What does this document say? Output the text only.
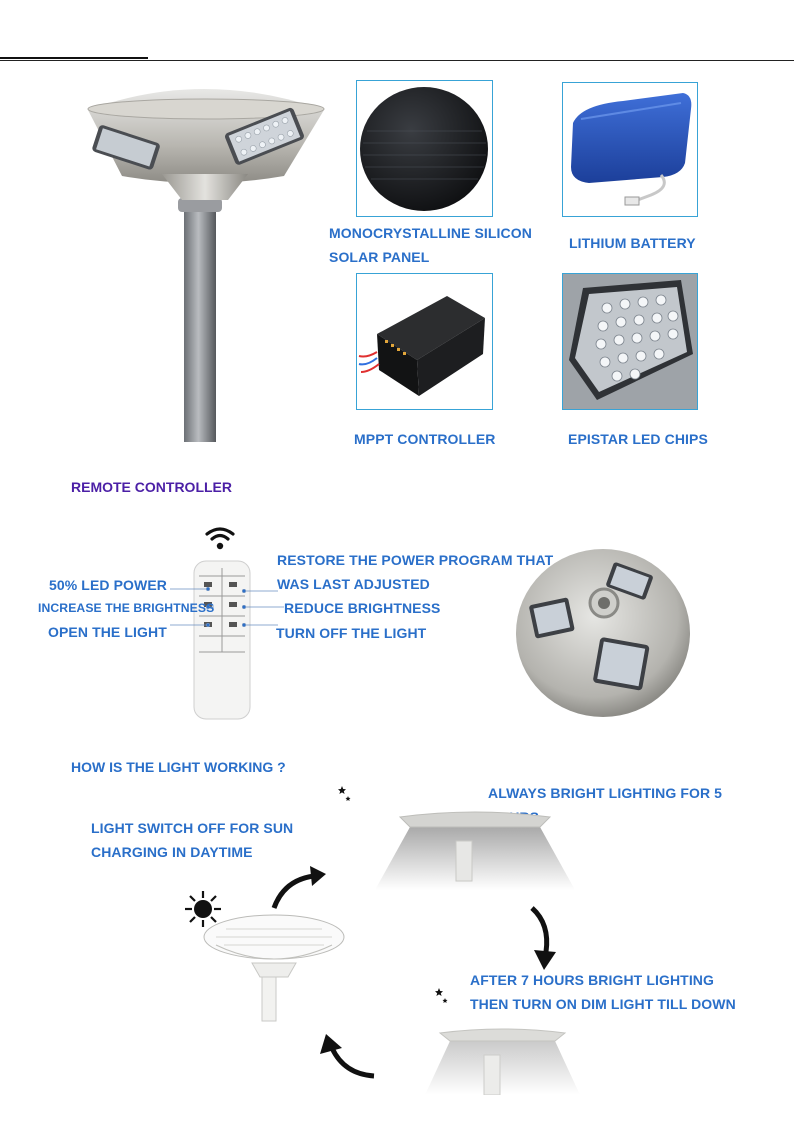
MONOCRYSTALLINE SILICON
SOLAR PANEL
LITHIUM BATTERY
MPPT CONTROLLER	EPISTAR LED CHIPS
REMOTE CONTROLLER
50% LED POWER
INCREASE THE BRIGHTNESS
OPEN THE LIGHT
RESTORE THE POWER PROGRAM THAT
WAS LAST ADJUSTED
REDUCE BRIGHTNESS
TURN OFF THE LIGHT
HOW IS THE LIGHT WORKING ?
ALWAYS BRIGHT LIGHTING FOR 5
LIGHT SWITCH OFF FOR SUN
CHARGING IN DAYTIME
AFTER 7 HOURS BRIGHT LIGHTING
THEN TURN ON DIM LIGHT TILL DOWN
